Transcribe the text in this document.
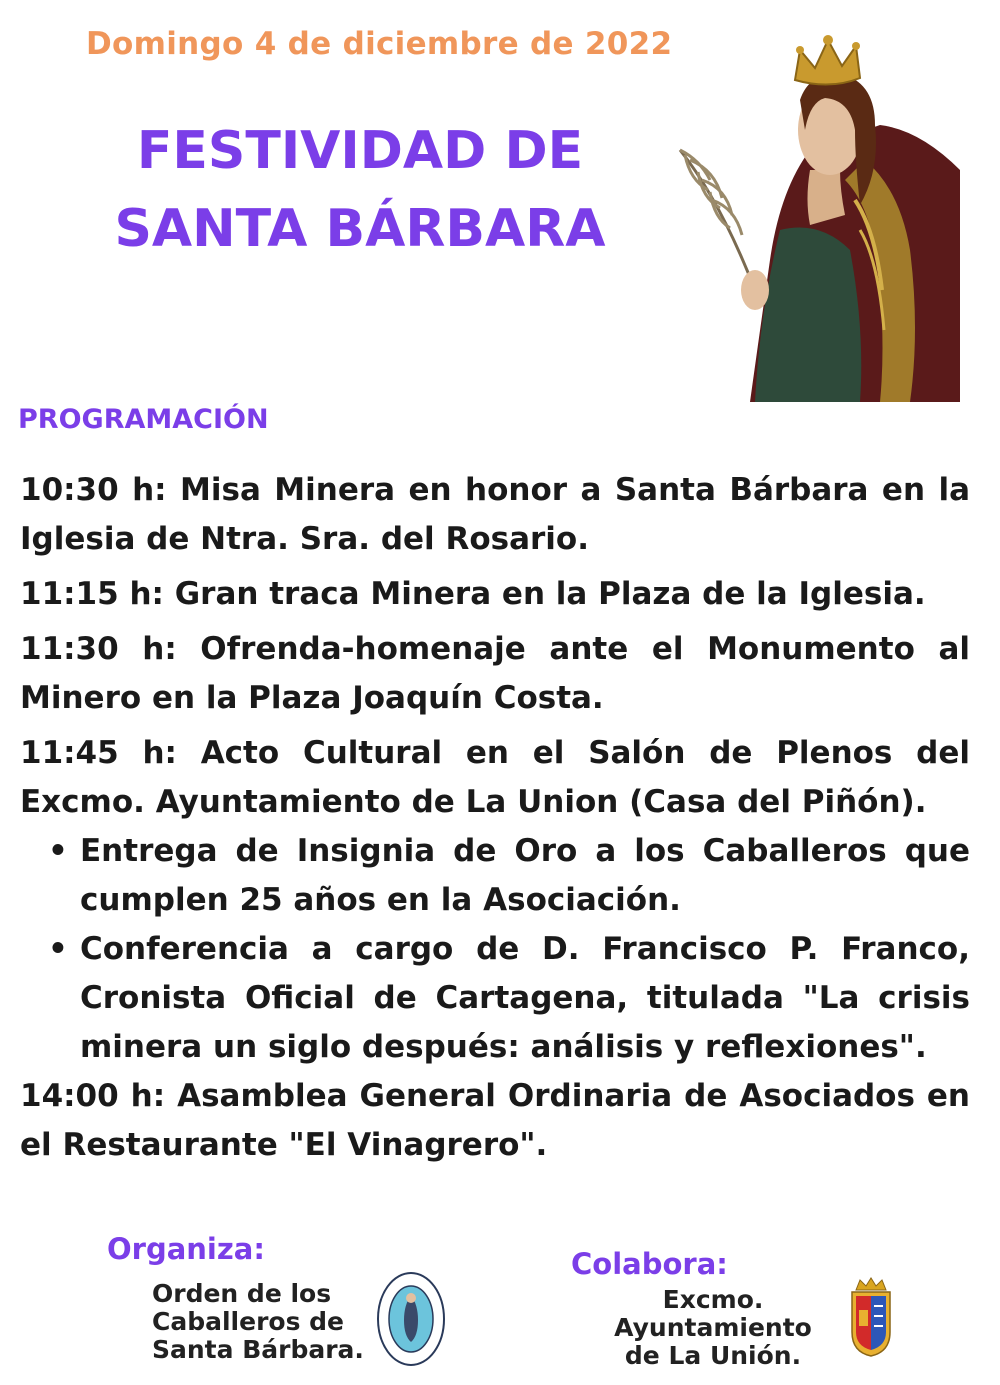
Domingo 4 de diciembre de 2022
FESTIVIDAD DE
SANTA BÁRBARA
PROGRAMACIÓN

10:30 h: Misa Minera en honor a Santa Bárbara en la Iglesia de Ntra. Sra. del Rosario.

11:15 h: Gran traca Minera en la Plaza de la Iglesia.

11:30 h: Ofrenda-homenaje ante el Monumento al Minero en la Plaza Joaquín Costa.

11:45 h: Acto Cultural en el Salón de Plenos del Excmo. Ayuntamiento de La Union (Casa del Piñón).

• Entrega de Insignia de Oro a los Caballeros que cumplen 25 años en la Asociación.
• Conferencia a cargo de D. Francisco P. Franco, Cronista Oficial de Cartagena, titulada "La crisis minera un siglo después: análisis y reflexiones".

14:00 h: Asamblea General Ordinaria de Asociados en el Restaurante "El Vinagrero".

Organiza:
Orden de los
Caballeros de
Santa Bárbara.
Colabora:
Excmo.
Ayuntamiento
de La Unión.
